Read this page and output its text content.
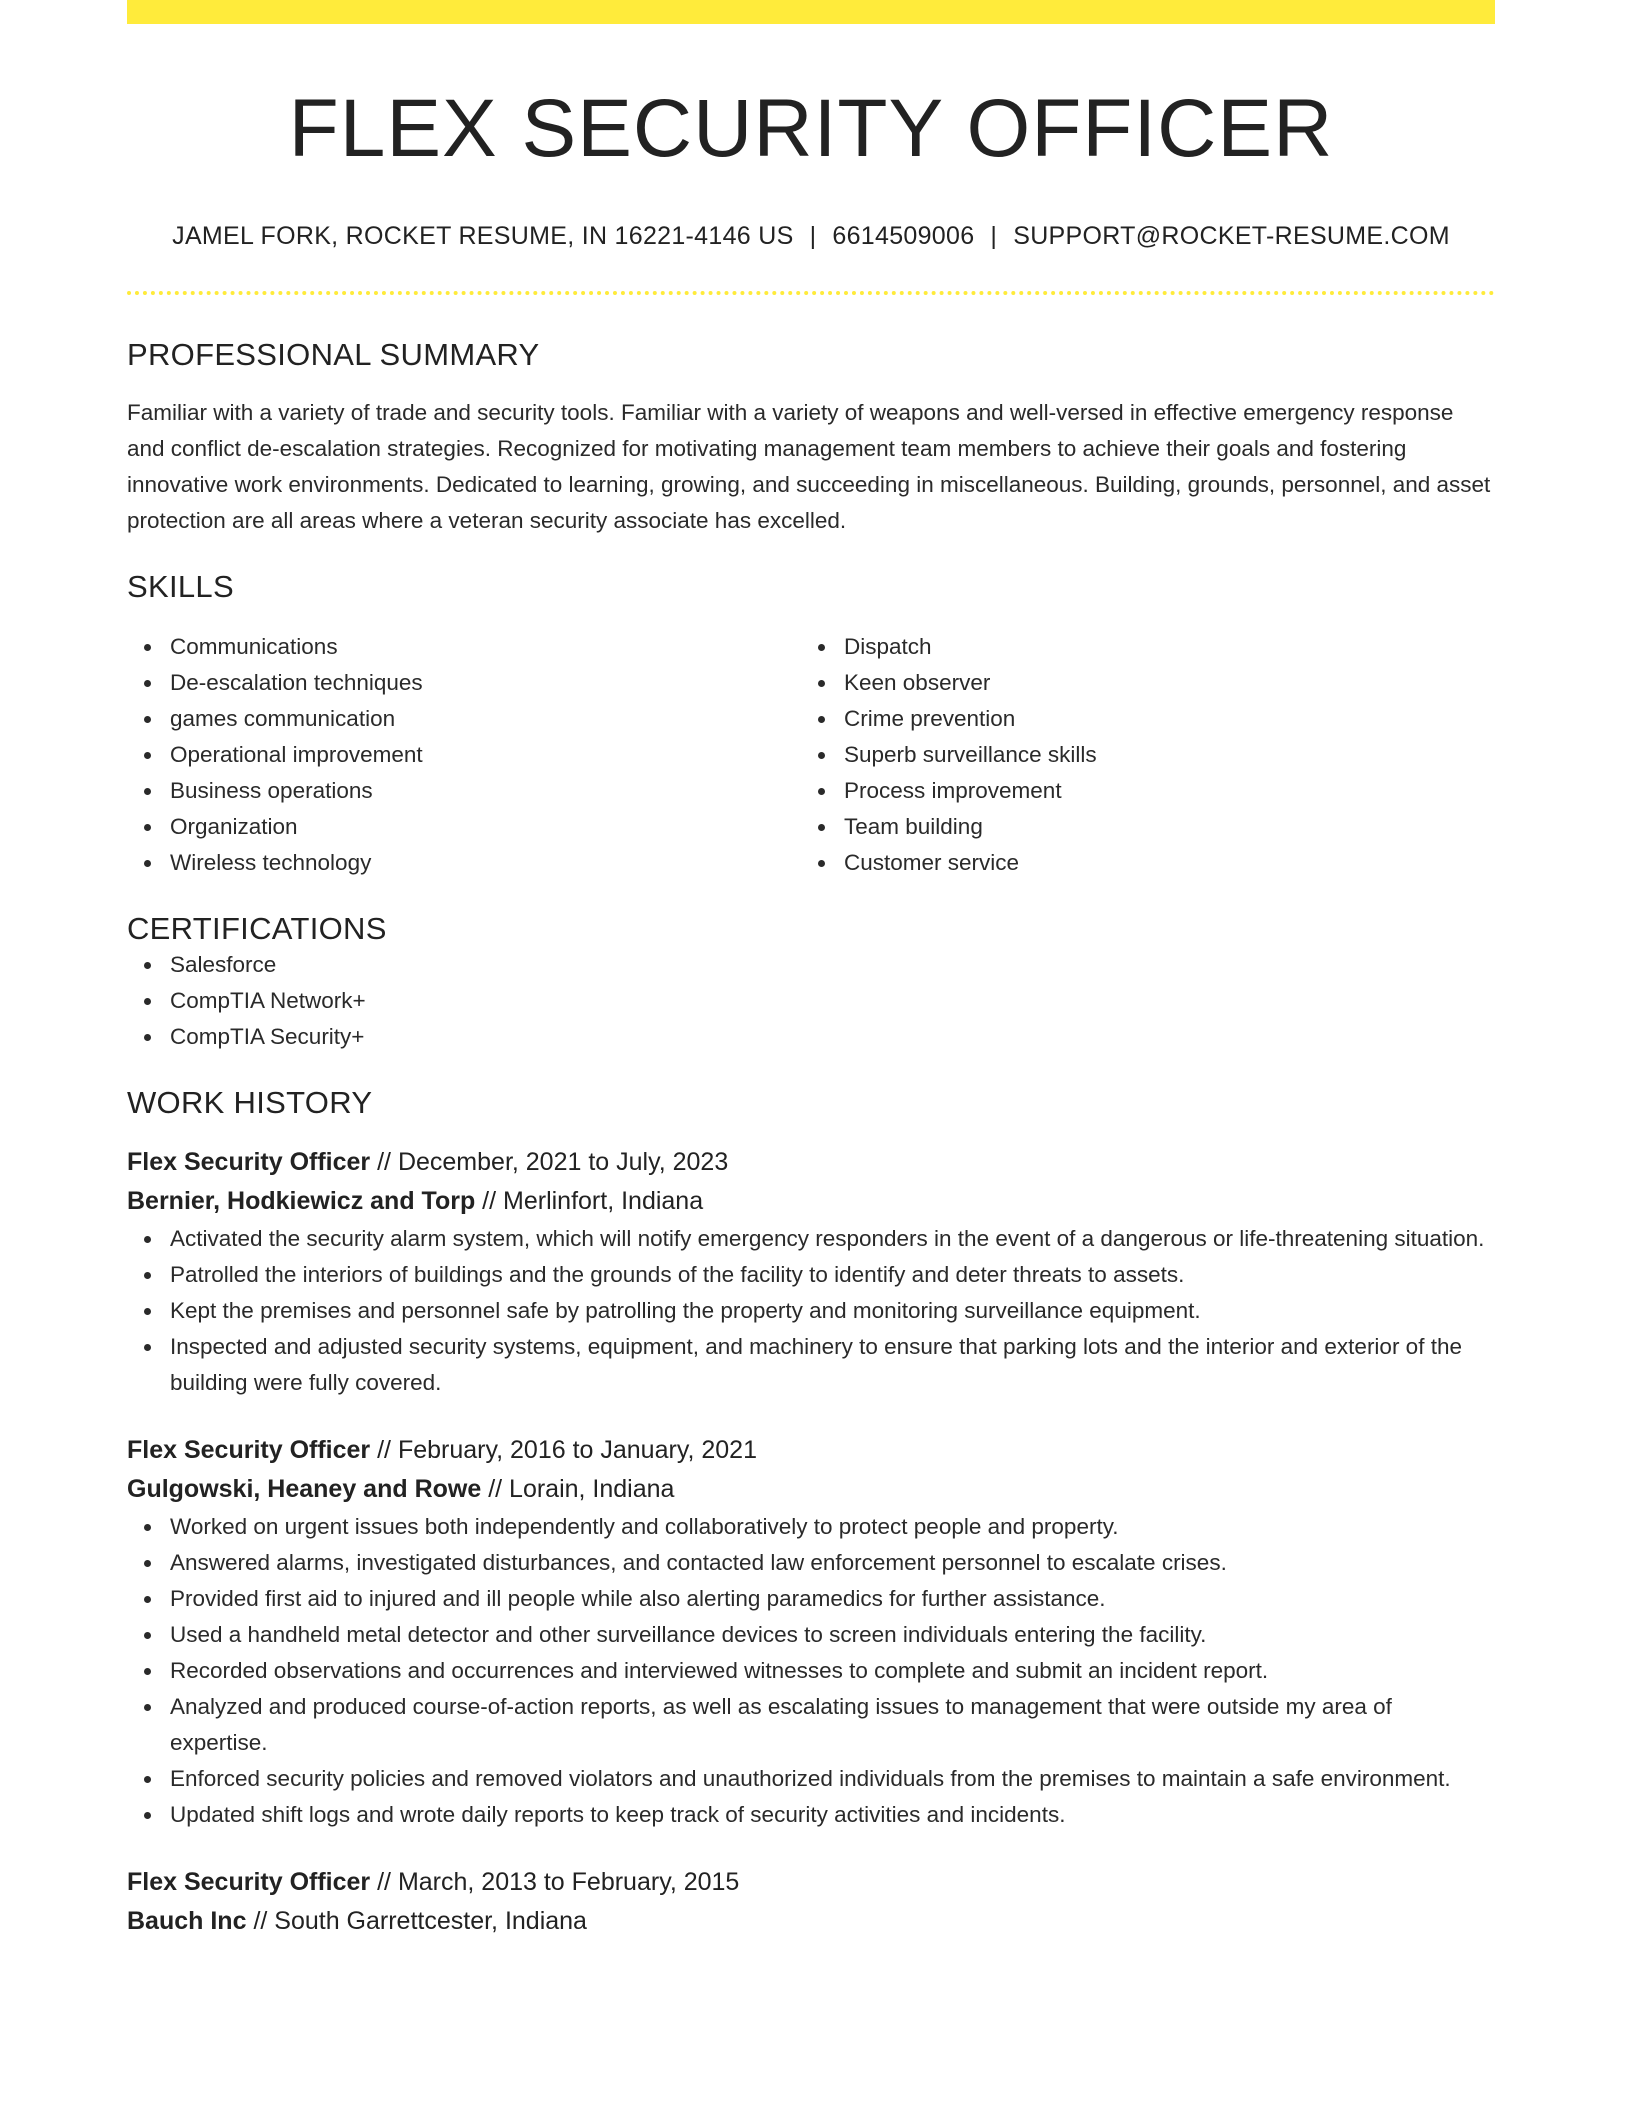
FLEX SECURITY OFFICER
JAMEL FORK, ROCKET RESUME, IN 16221-4146 US | 6614509006 | SUPPORT@ROCKET-RESUME.COM
PROFESSIONAL SUMMARY
Familiar with a variety of trade and security tools. Familiar with a variety of weapons and well-versed in effective emergency response and conflict de-escalation strategies. Recognized for motivating management team members to achieve their goals and fostering innovative work environments. Dedicated to learning, growing, and succeeding in miscellaneous. Building, grounds, personnel, and asset protection are all areas where a veteran security associate has excelled.
SKILLS
Communications
De-escalation techniques
games communication
Operational improvement
Business operations
Organization
Wireless technology
Dispatch
Keen observer
Crime prevention
Superb surveillance skills
Process improvement
Team building
Customer service
CERTIFICATIONS
Salesforce
CompTIA Network+
CompTIA Security+
WORK HISTORY
Flex Security Officer // December, 2021 to July, 2023
Bernier, Hodkiewicz and Torp // Merlinfort, Indiana
Activated the security alarm system, which will notify emergency responders in the event of a dangerous or life-threatening situation.
Patrolled the interiors of buildings and the grounds of the facility to identify and deter threats to assets.
Kept the premises and personnel safe by patrolling the property and monitoring surveillance equipment.
Inspected and adjusted security systems, equipment, and machinery to ensure that parking lots and the interior and exterior of the building were fully covered.
Flex Security Officer // February, 2016 to January, 2021
Gulgowski, Heaney and Rowe // Lorain, Indiana
Worked on urgent issues both independently and collaboratively to protect people and property.
Answered alarms, investigated disturbances, and contacted law enforcement personnel to escalate crises.
Provided first aid to injured and ill people while also alerting paramedics for further assistance.
Used a handheld metal detector and other surveillance devices to screen individuals entering the facility.
Recorded observations and occurrences and interviewed witnesses to complete and submit an incident report.
Analyzed and produced course-of-action reports, as well as escalating issues to management that were outside my area of expertise.
Enforced security policies and removed violators and unauthorized individuals from the premises to maintain a safe environment.
Updated shift logs and wrote daily reports to keep track of security activities and incidents.
Flex Security Officer // March, 2013 to February, 2015
Bauch Inc // South Garrettcester, Indiana
